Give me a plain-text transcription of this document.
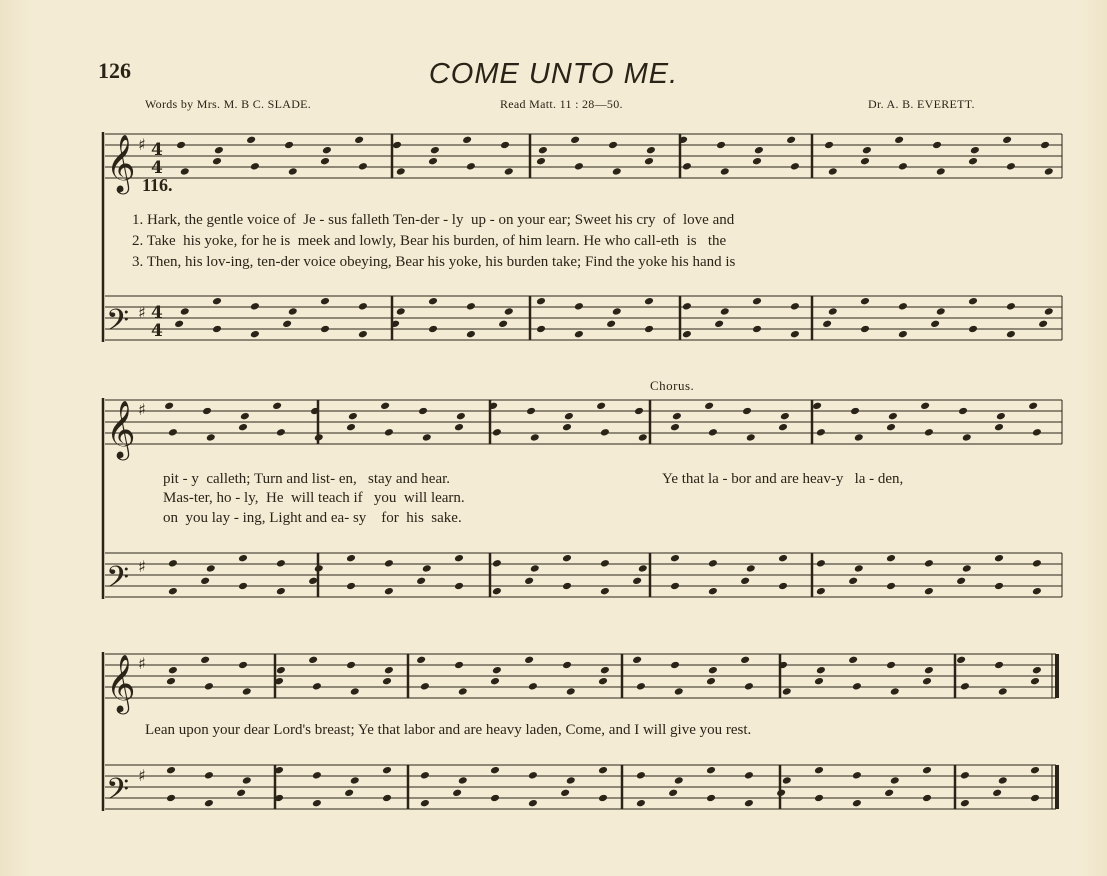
126	COME UNTO ME.
Words by Mrs. M. B C. SLADE.	Read Matt. 11 : 28—50.	Dr. A. B. EVERETT.
𝄞
𝄢
𝄞
𝄢
𝄞
𝄢
♯
♯
♯
♯
♯
♯
4
4
4
4
116.
1. Hark, the gentle voice of  Je - sus falleth Ten-der - ly  up - on your ear; Sweet his cry  of  love and
2. Take  his yoke, for he is  meek and lowly, Bear his burden, of him learn. He who call-eth  is   the
3. Then, his lov-ing, ten-der voice obeying, Bear his yoke, his burden take; Find the yoke his hand is
Chorus.
pit - y  calleth; Turn and list- en,   stay and hear.
Mas-ter, ho - ly,  He  will teach if   you  will learn.
on  you lay - ing, Light and ea- sy    for  his  sake.
Ye that la - bor and are heav-y   la - den,
Lean upon your dear Lord's breast; Ye that labor and are heavy laden, Come, and I will give you rest.
